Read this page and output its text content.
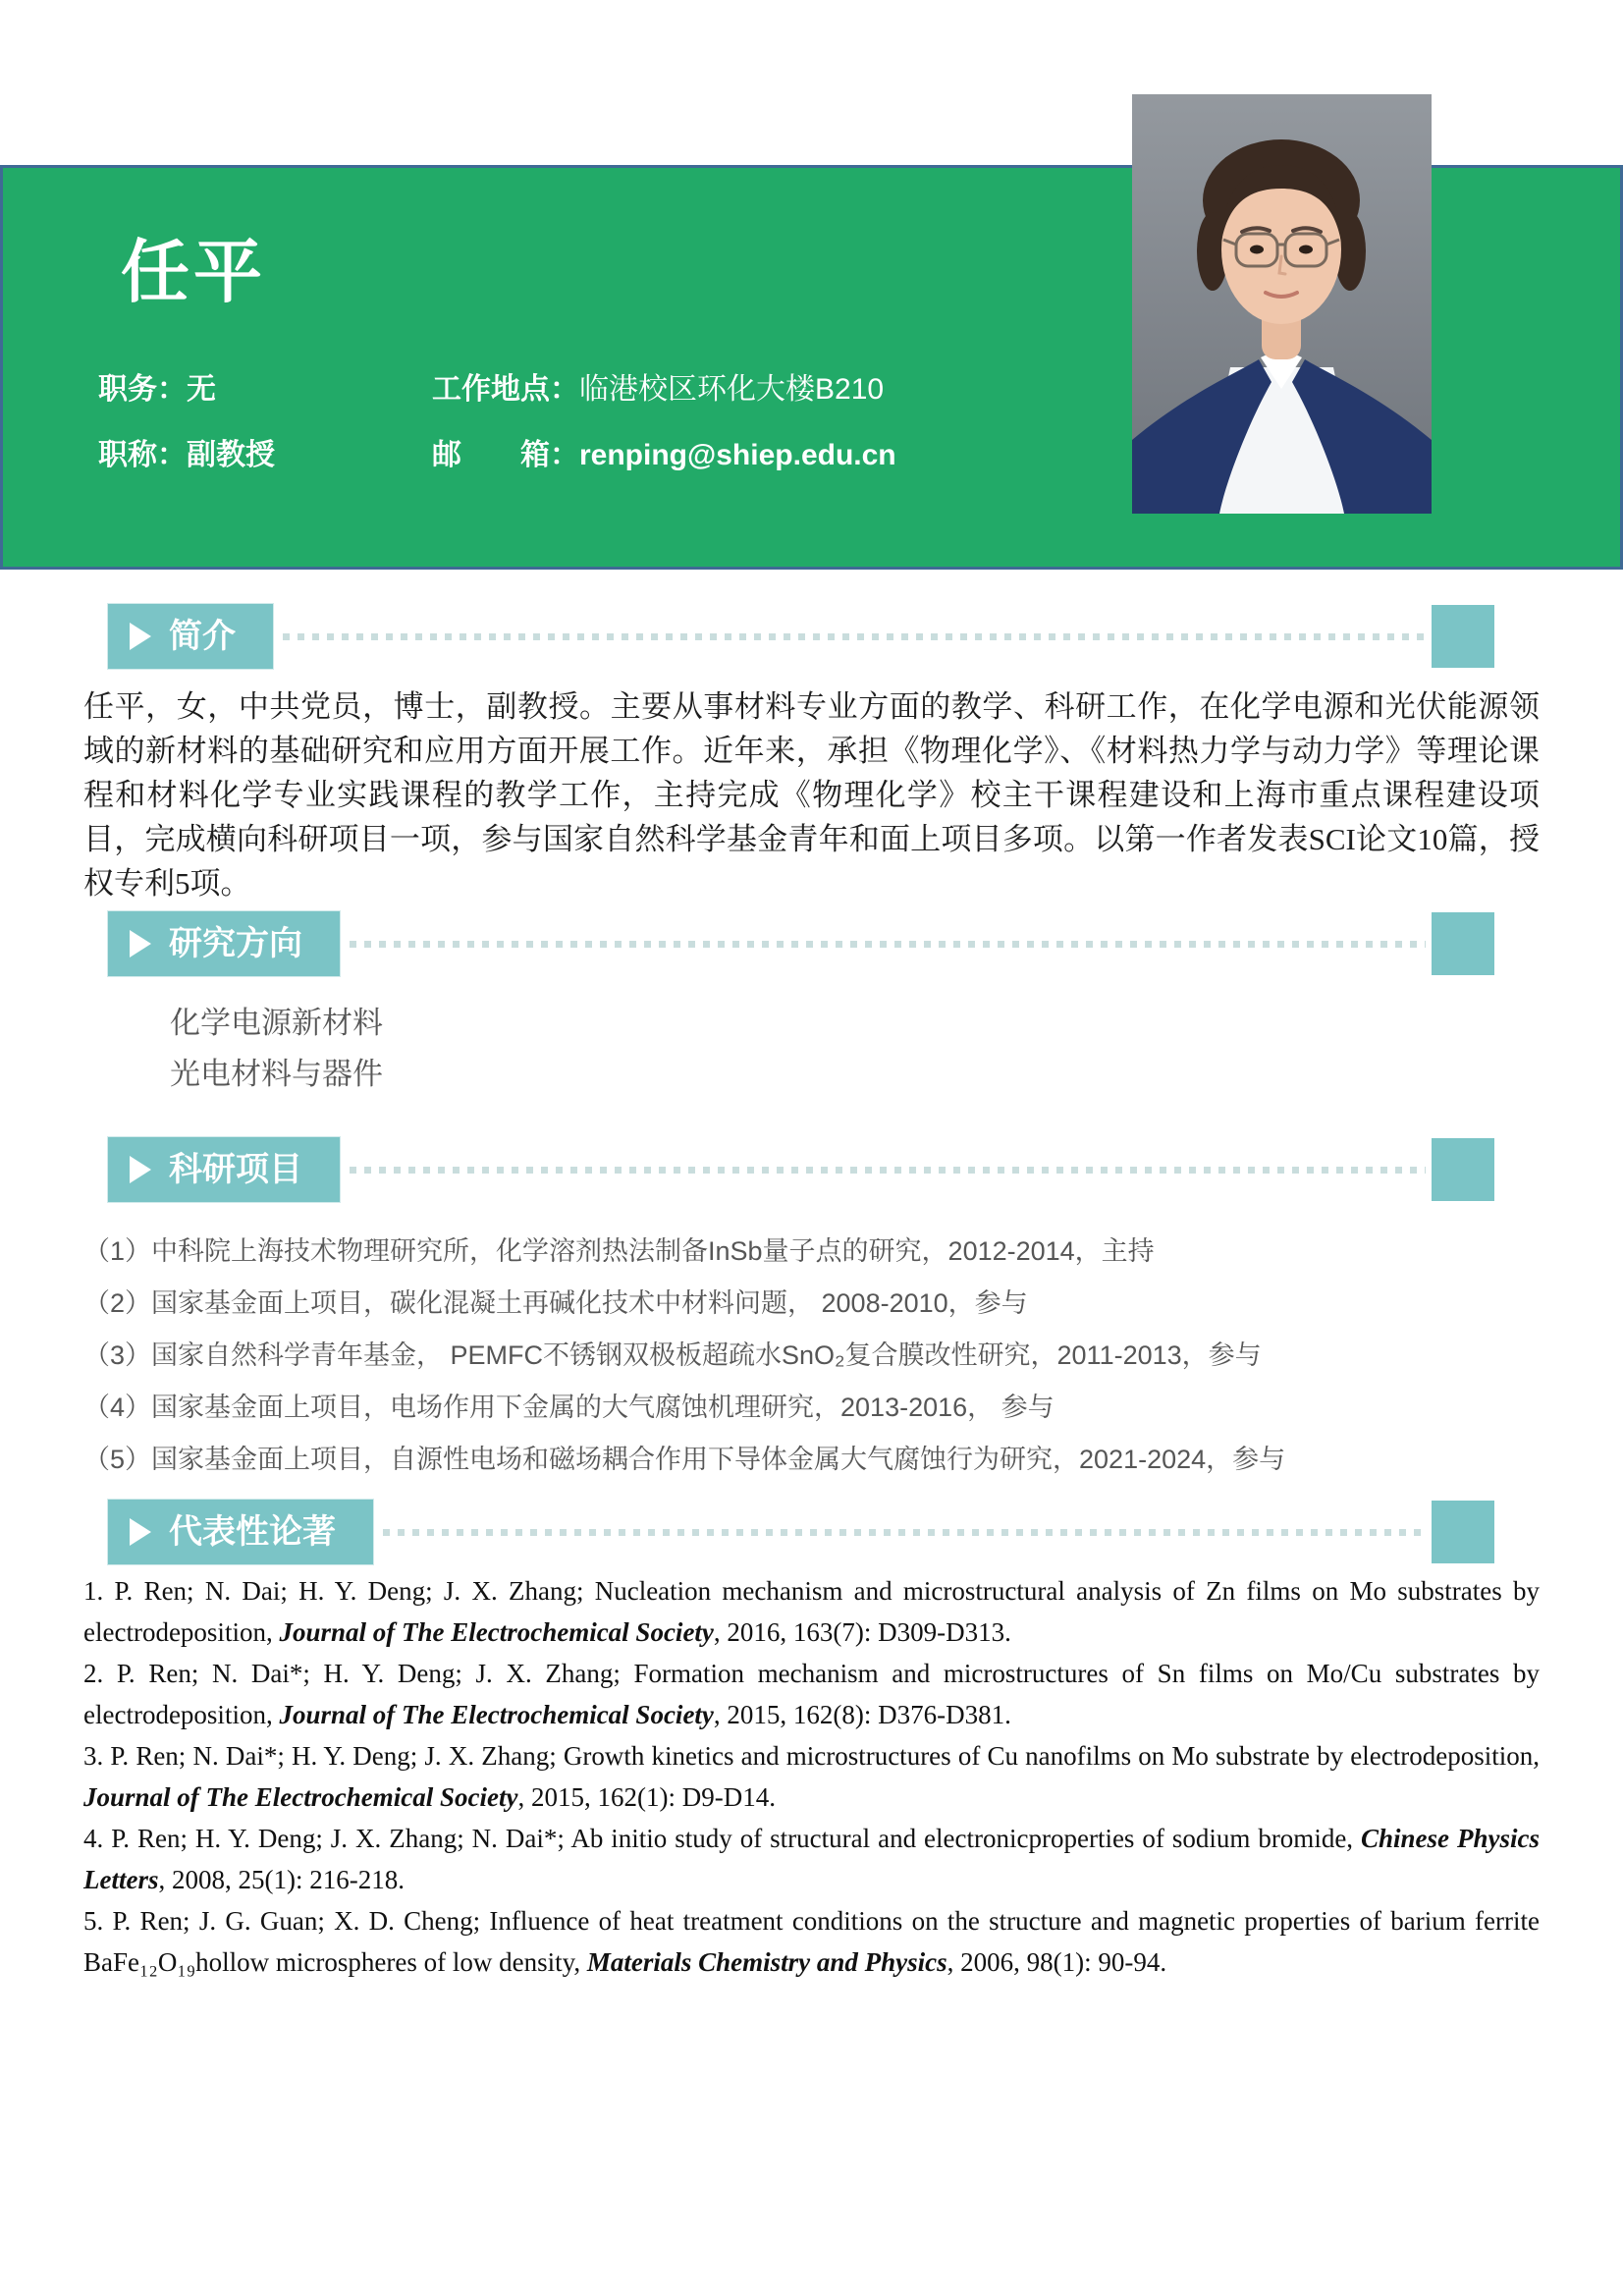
任平
职务：无
职称：副教授
工作地点：临港校区环化大楼B210
邮　　箱：renping@shiep.edu.cn
简介

任平，女，中共党员，博士，副教授。主要从事材料专业方面的教学、科研工作，在化学电源和光伏能源领域的新材料的基础研究和应用方面开展工作。近年来，承担《物理化学》、《材料热力学与动力学》等理论课程和材料化学专业实践课程的教学工作，主持完成《物理化学》校主干课程建设和上海市重点课程建设项目，完成横向科研项目一项，参与国家自然科学基金青年和面上项目多项。以第一作者发表SCI论文10篇，授权专利5项。

研究方向
化学电源新材料
光电材料与器件
科研项目
（1）中科院上海技术物理研究所，化学溶剂热法制备InSb量子点的研究，2012-2014，主持
（2）国家基金面上项目，碳化混凝土再碱化技术中材料问题， 2008-2010，参与
（3）国家自然科学青年基金， PEMFC不锈钢双极板超疏水SnO₂复合膜改性研究，2011-2013，参与
（4）国家基金面上项目，电场作用下金属的大气腐蚀机理研究，2013-2016， 参与
（5）国家基金面上项目，自源性电场和磁场耦合作用下导体金属大气腐蚀行为研究，2021-2024，参与
代表性论著

1. P. Ren; N. Dai; H. Y. Deng; J. X. Zhang; Nucleation mechanism and microstructural analysis of Zn films on Mo substrates by electrodeposition, Journal of The Electrochemical Society, 2016, 163(7): D309-D313.

2. P. Ren; N. Dai*; H. Y. Deng; J. X. Zhang; Formation mechanism and microstructures of Sn films on Mo/Cu substrates by electrodeposition, Journal of The Electrochemical Society, 2015, 162(8): D376-D381.

3. P. Ren; N. Dai*; H. Y. Deng; J. X. Zhang; Growth kinetics and microstructures of Cu nanofilms on Mo substrate by electrodeposition, Journal of The Electrochemical Society, 2015, 162(1): D9-D14.

4. P. Ren; H. Y. Deng; J. X. Zhang; N. Dai*; Ab initio study of structural and electronicproperties of sodium bromide, Chinese Physics Letters, 2008, 25(1): 216-218.

5. P. Ren; J. G. Guan; X. D. Cheng; Influence of heat treatment conditions on the structure and magnetic properties of barium ferrite BaFe₁₂O₁₉hollow microspheres of low density, Materials Chemistry and Physics, 2006, 98(1): 90-94.
